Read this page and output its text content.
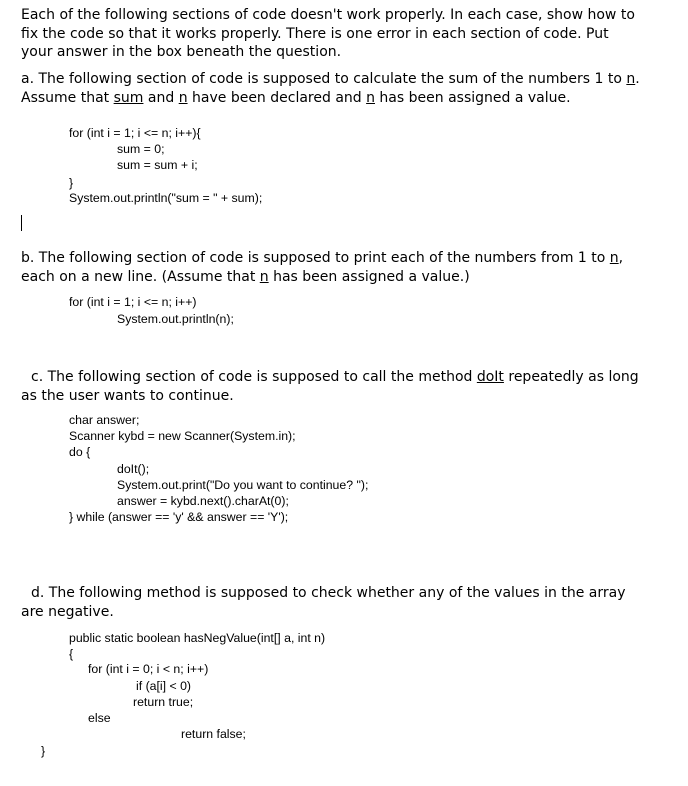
Each of the following sections of code doesn't work properly. In each case, show how to

fix the code so that it works properly. There is one error in each section of code. Put

your answer in the box beneath the question.

a. The following section of code is supposed to calculate the sum of the numbers 1 to n.

Assume that sum and n have been declared and n has been assigned a value.

for (int i = 1; i <= n; i++){

sum = 0;

sum = sum + i;

}

System.out.println("sum = " + sum);

b. The following section of code is supposed to print each of the numbers from 1 to n,

each on a new line. (Assume that n has been assigned a value.)

for (int i = 1; i <= n; i++)

System.out.println(n);

c. The following section of code is supposed to call the method doIt repeatedly as long

as the user wants to continue.

char answer;

Scanner kybd = new Scanner(System.in);

do {

doIt();

System.out.print("Do you want to continue? ");

answer = kybd.next().charAt(0);

} while (answer == 'y' && answer == 'Y');

d. The following method is supposed to check whether any of the values in the array

are negative.

public static boolean hasNegValue(int[] a, int n)

{

for (int i = 0; i < n; i++)

if (a[i] < 0)

return true;

else

return false;

}
